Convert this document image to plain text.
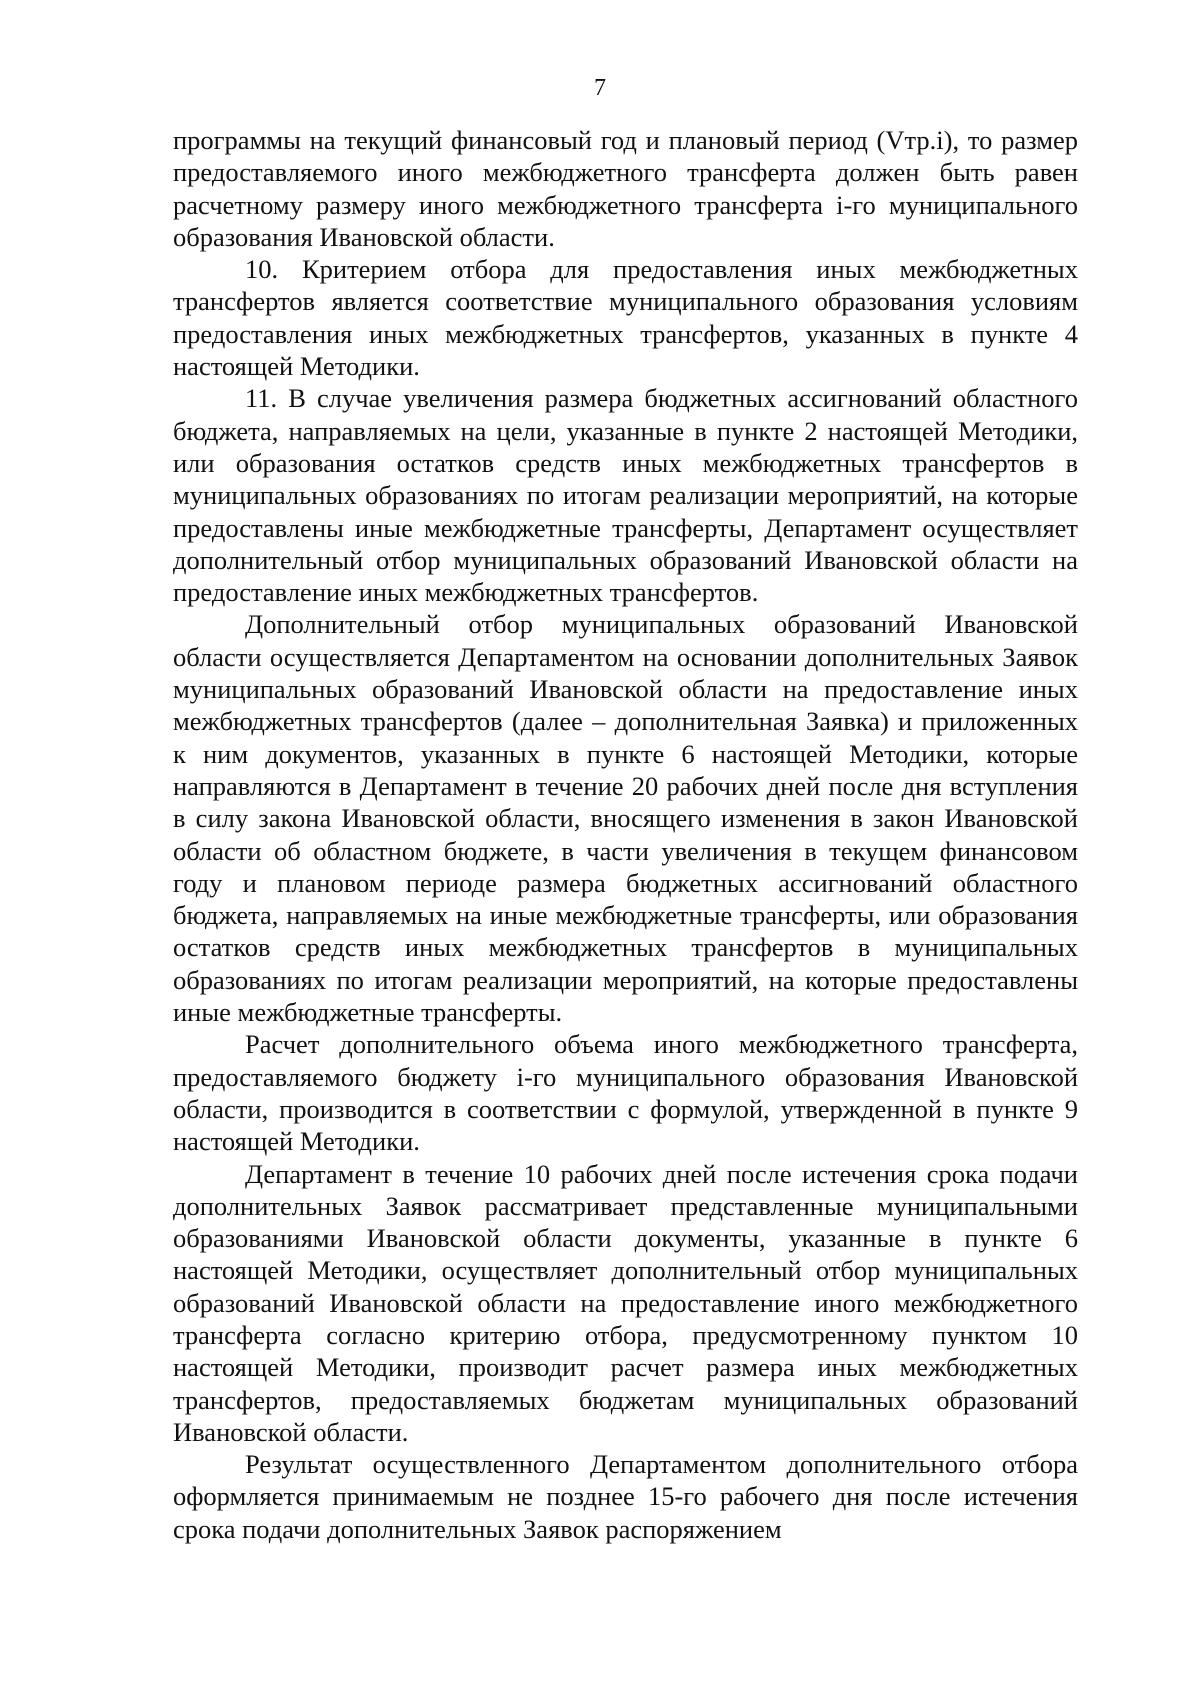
7

программы на текущий финансовый год и плановый период (Vтр.i), то размер предоставляемого иного межбюджетного трансферта должен быть равен расчетному размеру иного межбюджетного трансферта i-го муниципального образования Ивановской области.

10. Критерием отбора для предоставления иных межбюджетных трансфертов является соответствие муниципального образования условиям предоставления иных межбюджетных трансфертов, указанных в пункте 4 настоящей Методики.

11. В случае увеличения размера бюджетных ассигнований областного бюджета, направляемых на цели, указанные в пункте 2 настоящей Методики, или образования остатков средств иных межбюджетных трансфертов в муниципальных образованиях по итогам реализации мероприятий, на которые предоставлены иные межбюджетные трансферты, Департамент осуществляет дополнительный отбор муниципальных образований Ивановской области на предоставление иных межбюджетных трансфертов.

Дополнительный отбор муниципальных образований Ивановской области осуществляется Департаментом на основании дополнительных Заявок муниципальных образований Ивановской области на предоставление иных межбюджетных трансфертов (далее – дополнительная Заявка) и приложенных к ним документов, указанных в пункте 6 настоящей Методики, которые направляются в Департамент в течение 20 рабочих дней после дня вступления в силу закона Ивановской области, вносящего изменения в закон Ивановской области об областном бюджете, в части увеличения в текущем финансовом году и плановом периоде размера бюджетных ассигнований областного бюджета, направляемых на иные межбюджетные трансферты, или образования остатков средств иных межбюджетных трансфертов в муниципальных образованиях по итогам реализации мероприятий, на которые предоставлены иные межбюджетные трансферты.

Расчет дополнительного объема иного межбюджетного трансферта, предоставляемого бюджету i-го муниципального образования Ивановской области, производится в соответствии с формулой, утвержденной в пункте 9 настоящей Методики.

Департамент в течение 10 рабочих дней после истечения срока подачи дополнительных Заявок рассматривает представленные муниципальными образованиями Ивановской области документы, указанные в пункте 6 настоящей Методики, осуществляет дополнительный отбор муниципальных образований Ивановской области на предоставление иного межбюджетного трансферта согласно критерию отбора, предусмотренному пунктом 10 настоящей Методики, производит расчет размера иных межбюджетных трансфертов, предоставляемых бюджетам муниципальных образований Ивановской области.

Результат осуществленного Департаментом дополнительного отбора оформляется принимаемым не позднее 15-го рабочего дня после истечения срока подачи дополнительных Заявок распоряжением
